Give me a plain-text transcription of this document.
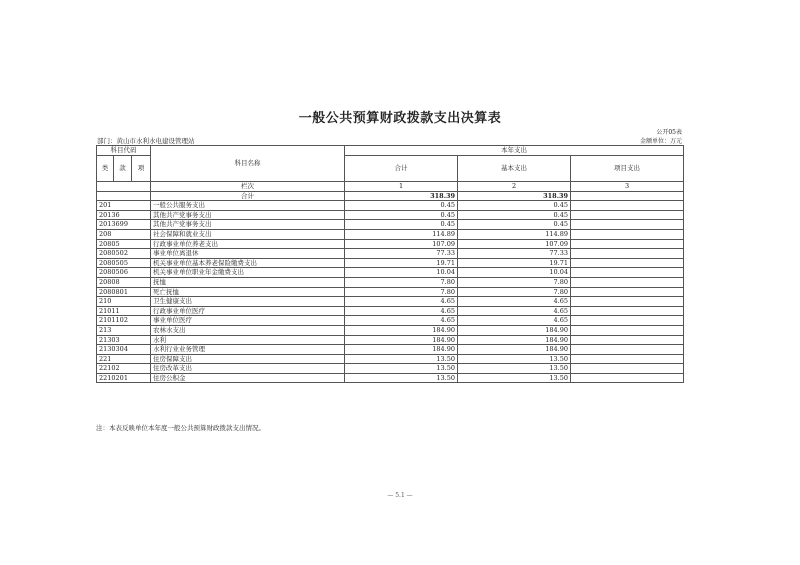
一般公共预算财政拨款支出决算表
公开05表
部门：黄山市水利水电建设管理站	金额单位：万元
科目代码			科目名称	本年支出		
				合计	基本支出	项目支出
类	款	项				
			栏次	1	2	3
			合计	318.39	318.39	
201			一般公共服务支出	0.45	0.45	
20136			其他共产党事务支出	0.45	0.45	
2013699			其他共产党事务支出	0.45	0.45	
208			社会保障和就业支出	114.89	114.89	
20805			行政事业单位养老支出	107.09	107.09	
2080502			事业单位离退休	77.33	77.33	
2080505			机关事业单位基本养老保险缴费支出	19.71	19.71	
2080506			机关事业单位职业年金缴费支出	10.04	10.04	
20808			抚恤	7.80	7.80	
2080801			死亡抚恤	7.80	7.80	
210			卫生健康支出	4.65	4.65	
21011			行政事业单位医疗	4.65	4.65	
2101102			事业单位医疗	4.65	4.65	
213			农林水支出	184.90	184.90	
21303			水利	184.90	184.90	
2130304			水利行业业务管理	184.90	184.90	
221			住房保障支出	13.50	13.50	
22102			住房改革支出	13.50	13.50	
2210201			住房公积金	13.50	13.50	
注：本表反映单位本年度一般公共预算财政拨款支出情况。
— 5.1 —
